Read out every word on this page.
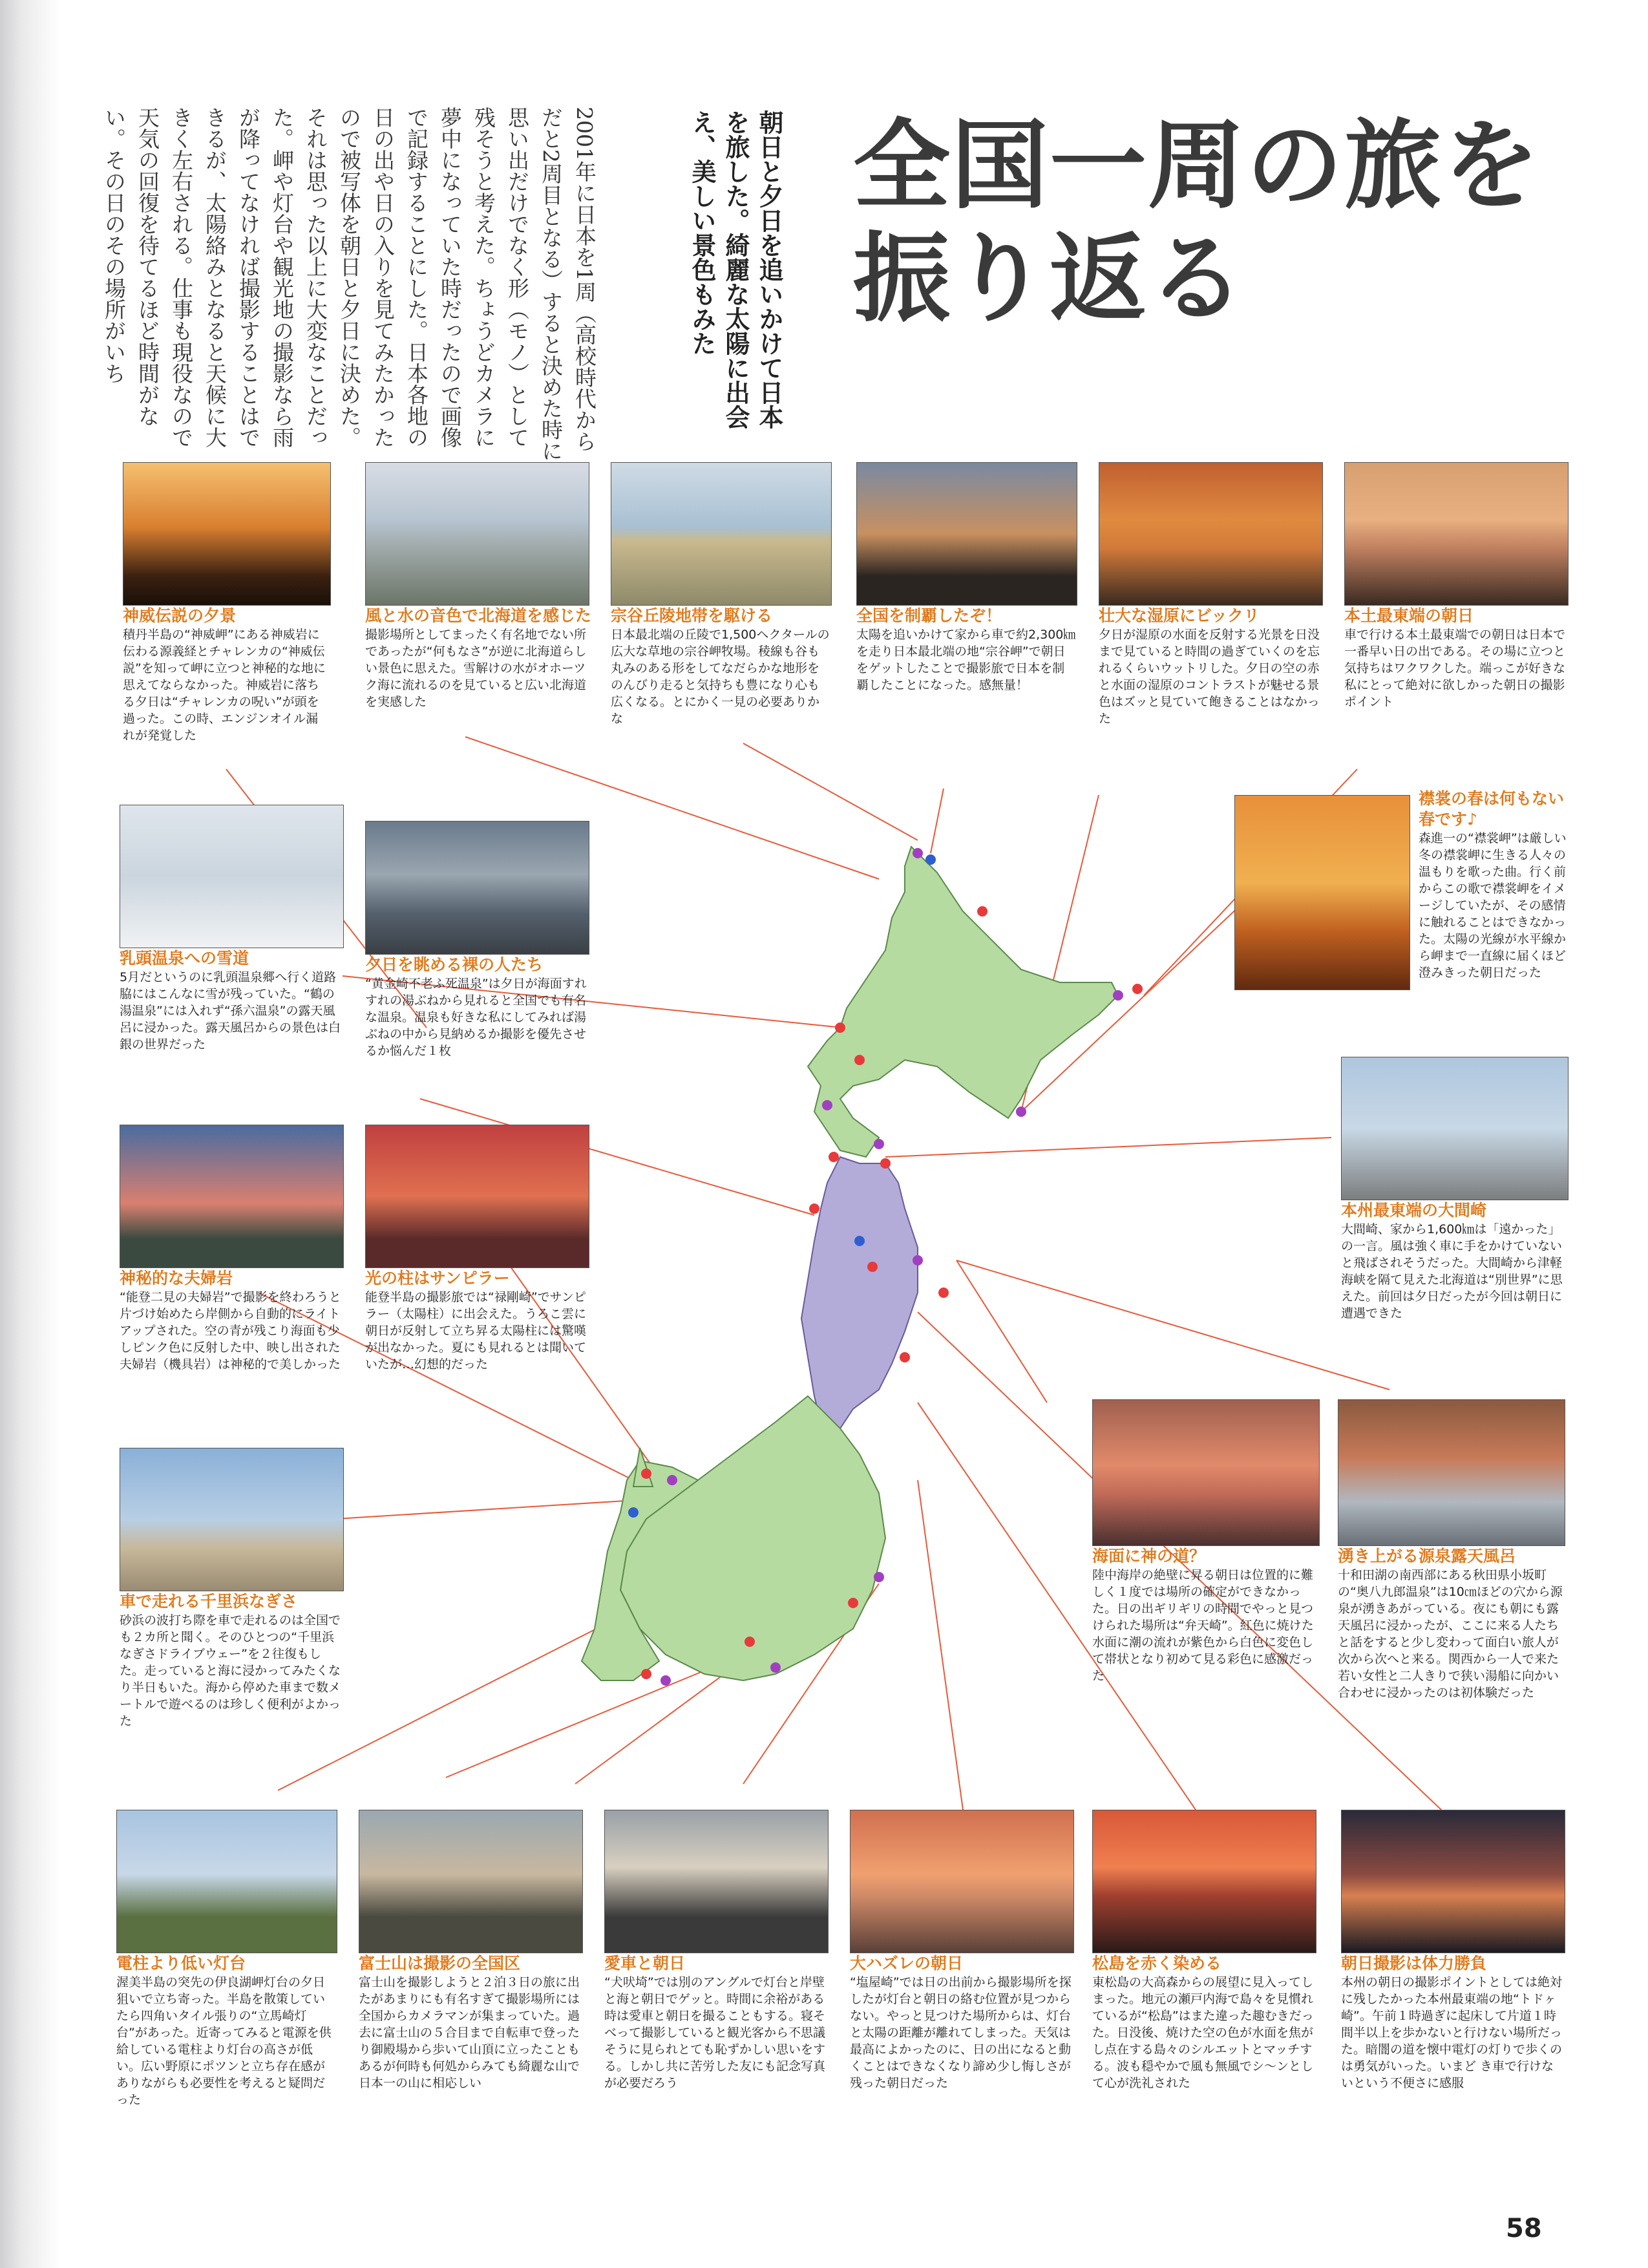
全国一周の旅を
振り返る
朝日と夕日を追いかけて日本を旅した。綺麗な太陽に出会え、美しい景色もみた
2001年に日本を1周（高校時代からだと2周目となる）すると決めた時に思い出だけでなく形（モノ）として残そうと考えた。ちょうどカメラに夢中になっていた時だったので画像で記録することにした。日本各地の日の出や日の入りを見てみたかったので被写体を朝日と夕日に決めた。それは思った以上に大変なことだった。岬や灯台や観光地の撮影なら雨が降ってなければ撮影することはできるが、太陽絡みとなると天候に大きく左右される。仕事も現役なので天気の回復を待てるほど時間がない。その日のその場所がいち
神威伝説の夕景

積丹半島の“神威岬”にある神威岩に伝わる源義経とチャレンカの“神威伝説”を知って岬に立つと神秘的な地に思えてならなかった。神威岩に落ちる夕日は“チャレンカの呪い”が頭を過った。この時、エンジンオイル漏れが発覚した

風と水の音色で北海道を感じた

撮影場所としてまったく有名地でない所であったが“何もなさ”が逆に北海道らしい景色に思えた。雪解けの水がオホーツク海に流れるのを見ていると広い北海道を実感した

宗谷丘陵地帯を駆ける

日本最北端の丘陵で1,500ヘクタールの広大な草地の宗谷岬牧場。稜線も谷も丸みのある形をしてなだらかな地形をのんびり走ると気持ちも豊になり心も広くなる。とにかく一見の必要ありかな

全国を制覇したぞ！

太陽を追いかけて家から車で約2,300㎞を走り日本最北端の地“宗谷岬”で朝日をゲットしたことで撮影旅で日本を制覇したことになった。感無量！

壮大な湿原にビックリ

夕日が湿原の水面を反射する光景を日没まで見ていると時間の過ぎていくのを忘れるくらいウットリした。夕日の空の赤と水面の湿原のコントラストが魅せる景色はズッと見ていて飽きることはなかった

本土最東端の朝日

車で行ける本土最東端での朝日は日本で一番早い日の出である。その場に立つと気持ちはワクワクした。端っこが好きな私にとって絶対に欲しかった朝日の撮影ポイント

襟裳の春は何もない春です♪

森進一の“襟裳岬”は厳しい冬の襟裳岬に生きる人々の温もりを歌った曲。行く前からこの歌で襟裳岬をイメージしていたが、その感情に触れることはできなかった。太陽の光線が水平線から岬まで一直線に届くほど澄みきった朝日だった

乳頭温泉への雪道

5月だというのに乳頭温泉郷へ行く道路脇にはこんなに雪が残っていた。“鶴の湯温泉”には入れず“孫六温泉”の露天風呂に浸かった。露天風呂からの景色は白銀の世界だった

夕日を眺める裸の人たち

“黄金崎不老ふ死温泉”は夕日が海面すれすれの湯ぶねから見れると全国でも有名な温泉。温泉も好きな私にしてみれば湯ぶねの中から見納めるか撮影を優先させるか悩んだ１枚

本州最東端の大間崎

大間崎、家から1,600㎞は「遠かった」の一言。風は強く車に手をかけていないと飛ばされそうだった。大間崎から津軽海峡を隔て見えた北海道は“別世界”に思えた。前回は夕日だったが今回は朝日に遭遇できた

神秘的な夫婦岩

“能登二見の夫婦岩”で撮影を終わろうと片づけ始めたら岸側から自動的にライトアップされた。空の青が残こり海面も少しピンク色に反射した中、映し出された夫婦岩（機具岩）は神秘的で美しかった

光の柱はサンピラー

能登半島の撮影旅では“禄剛崎”でサンピラー（太陽柱）に出会えた。うろこ雲に朝日が反射して立ち昇る太陽柱には驚嘆が出なかった。夏にも見れるとは聞いていたが…幻想的だった

海面に神の道？

陸中海岸の絶壁に昇る朝日は位置的に難しく１度では場所の確定ができなかった。日の出ギリギリの時間でやっと見つけられた場所は“弁天崎”。紅色に焼けた水面に潮の流れが紫色から白色に変色して帯状となり初めて見る彩色に感激だった

湧き上がる源泉露天風呂

十和田湖の南西部にある秋田県小坂町の“奥八九郎温泉”は10㎝ほどの穴から源泉が湧きあがっている。夜にも朝にも露天風呂に浸かったが、ここに来る人たちと話をすると少し変わって面白い旅人が次から次へと来る。関西から一人で来た若い女性と二人きりで狭い湯船に向かい合わせに浸かったのは初体験だった

車で走れる千里浜なぎさ

砂浜の波打ち際を車で走れるのは全国でも２カ所と聞く。そのひとつの“千里浜なぎさドライブウェー”を２往復もした。走っていると海に浸かってみたくなり半日もいた。海から停めた車まで数メートルで遊べるのは珍しく便利がよかった

電柱より低い灯台

渥美半島の突先の伊良湖岬灯台の夕日狙いで立ち寄った。半島を散策していたら四角いタイル張りの“立馬崎灯台”があった。近寄ってみると電源を供給している電柱より灯台の高さが低い。広い野原にポツンと立ち存在感がありながらも必要性を考えると疑問だった

富士山は撮影の全国区

富士山を撮影しようと２泊３日の旅に出たがあまりにも有名すぎて撮影場所には全国からカメラマンが集まっていた。過去に富士山の５合目まで自転車で登ったり御殿場から歩いて山頂に立ったこともあるが何時も何処からみても綺麗な山で日本一の山に相応しい

愛車と朝日

“犬吠埼”では別のアングルで灯台と岸壁と海と朝日でゲッと。時間に余裕がある時は愛車と朝日を撮ることもする。寝そべって撮影していると観光客から不思議そうに見られとても恥ずかしい思いをする。しかし共に苦労した友にも記念写真が必要だろう

大ハズレの朝日

“塩屋崎”では日の出前から撮影場所を探したが灯台と朝日の絡む位置が見つからない。やっと見つけた場所からは、灯台と太陽の距離が離れてしまった。天気は最高によかったのに、日の出になると動くことはできなくなり諦め少し悔しさが残った朝日だった

松島を赤く染める

東松島の大高森からの展望に見入ってしまった。地元の瀬戸内海で島々を見慣れているが“松島”はまた違った趣むきだった。日没後、焼けた空の色が水面を焦がし点在する島々のシルエットとマッチする。波も穏やかで風も無風でシ～ンとして心が洗礼された

朝日撮影は体力勝負

本州の朝日の撮影ポイントとしては絶対に残したかった本州最東端の地“トドヶ崎”。午前１時過ぎに起床して片道１時間半以上を歩かないと行けない場所だった。暗闇の道を懐中電灯の灯りで歩くのは勇気がいった。いまど き車で行けないという不便さに感服

58
